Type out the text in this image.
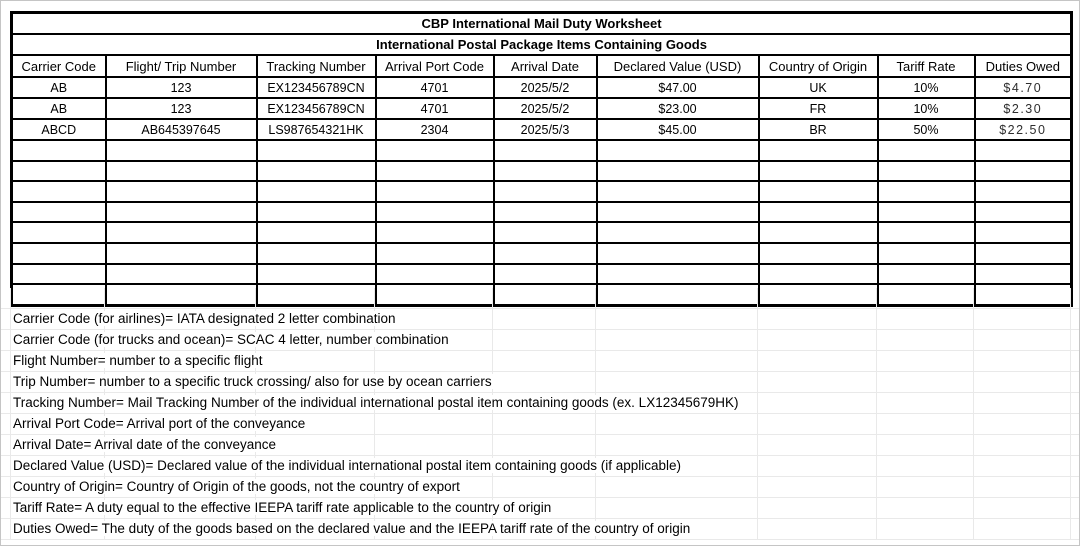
CBP International Mail Duty Worksheet								
International Postal Package Items Containing Goods								
Carrier Code	Flight/ Trip Number	Tracking Number	Arrival Port Code	Arrival Date	Declared Value (USD)	Country of Origin	Tariff Rate	Duties Owed
AB	123	EX123456789CN	4701	2025/5/2	$47.00	UK	10%	$4.70
AB	123	EX123456789CN	4701	2025/5/2	$23.00	FR	10%	$2.30
ABCD	AB645397645	LS987654321HK	2304	2025/5/3	$45.00	BR	50%	$22.50

Carrier Code (for airlines)= IATA designated 2 letter combination
Carrier Code (for trucks and ocean)= SCAC 4 letter, number combination
Flight Number= number to a specific flight
Trip Number= number to a specific truck crossing/ also for use by ocean carriers
Tracking Number= Mail Tracking Number of the individual international postal item containing goods (ex. LX12345679HK)
Arrival Port Code= Arrival port of the conveyance
Arrival Date= Arrival date of the conveyance
Declared Value (USD)= Declared value of the individual international postal item containing goods (if applicable)
Country of Origin= Country of Origin of the goods, not the country of export
Tariff Rate= A duty equal to the effective IEEPA tariff rate applicable to the country of origin
Duties Owed= The duty of the goods based on the declared value and the IEEPA tariff rate of the country of origin
